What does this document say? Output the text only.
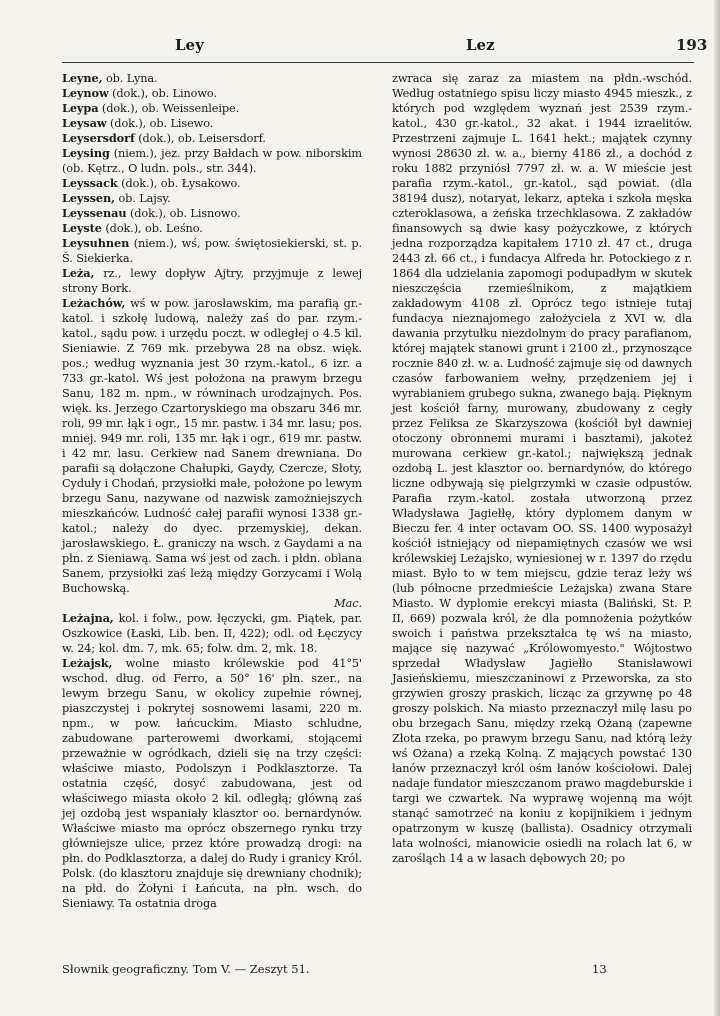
Ley	Lez	193

Leyne, ob. Lyna.

Leynow (dok.), ob. Linowo.

Leypa (dok.), ob. Weissenleipe.

Leysaw (dok.), ob. Lisewo.

Leysersdorf (dok.), ob. Leisersdorf.

Leysing (niem.), jez. przy Bałdach w pow. niborskim (ob. Kętrz., O ludn. pols., str. 344).

Leyssack (dok.), ob. Łysakowo.

Leyssen, ob. Lajsy.

Leyssenau (dok.), ob. Lisnowo.

Leyste (dok.), ob. Leśno.

Leysuhnen (niem.), wś, pow. świętosiekierski, st. p. Š. Siekierka.

Leża, rz., lewy dopływ Ajtry, przyjmuje z lewej strony Bork.

Leżachów, wś w pow. jarosławskim, ma parafią gr.-katol. i szkołę ludową, należy zaś do par. rzym.-katol., sądu pow. i urzędu poczt. w odległej o 4.5 kil. Sieniawie. Z 769 mk. przebywa 28 na obsz. więk. pos.; według wyznania jest 30 rzym.-katol., 6 izr. a 733 gr.-katol. Wś jest położona na prawym brzegu Sanu, 182 m. npm., w równinach urodzajnych. Pos. więk. ks. Jerzego Czartoryskiego ma obszaru 346 mr. roli, 99 mr. łąk i ogr., 15 mr. pastw. i 34 mr. lasu; pos. mniej. 949 mr. roli, 135 mr. łąk i ogr., 619 mr. pastw. i 42 mr. lasu. Cerkiew nad Sanem drewniana. Do parafii są dołączone Chałupki, Gaydy, Czercze, Słoty, Cyduły i Chodań, przysiołki małe, położone po lewym brzegu Sanu, nazywane od nazwisk zamożniejszych mieszkańców. Ludność całej parafii wynosi 1338 gr.-katol.; należy do dyec. przemyskiej, dekan. jarosławskiego. Ł. graniczy na wsch. z Gaydami a na płn. z Sieniawą. Sama wś jest od zach. i płdn. oblana Sanem, przysiołki zaś leżą między Gorzycami i Wolą Buchowską.

Mac.

Leżajna, kol. i folw., pow. łęczycki, gm. Piątek, par. Oszkowice (Łaski, Lib. ben. II, 422); odl. od Łęczycy w. 24; kol. dm. 7, mk. 65; folw. dm. 2, mk. 18.

Leżajsk, wolne miasto królewskie pod 41°5' wschod. dług. od Ferro, a 50° 16' płn. szer., na lewym brzegu Sanu, w okolicy zupełnie równej, piaszczystej i pokrytej sosnowemi lasami, 220 m. npm., w pow. łańcuckim. Miasto schludne, zabudowane parterowemi dworkami, stojącemi przeważnie w ogródkach, dzieli się na trzy części: właściwe miasto, Podolszyn i Podklasztorze. Ta ostatnia część, dosyć zabudowana, jest od właściwego miasta około 2 kil. odległą; główną zaś jej ozdobą jest wspaniały klasztor oo. bernardynów. Właściwe miasto ma oprócz obszernego rynku trzy główniejsze ulice, przez które prowadzą drogi: na płn. do Podklasztorza, a dalej do Rudy i granicy Król. Polsk. (do klasztoru znajduje się drewniany chodnik); na płd. do Żołyni i Łańcuta, na płn. wsch. do Sieniawy. Ta ostatnia droga

zwraca się zaraz za miastem na płdn.-wschód. Według ostatniego spisu liczy miasto 4945 mieszk., z których pod względem wyznań jest 2539 rzym.-katol., 430 gr.-katol., 32 akat. i 1944 izraelitów. Przestrzeni zajmuje L. 1641 hekt.; majątek czynny wynosi 28630 zł. w. a., bierny 4186 zł., a dochód z roku 1882 przyniósł 7797 zł. w. a. W mieście jest parafia rzym.-katol., gr.-katol., sąd powiat. (dla 38194 dusz), notaryat, lekarz, apteka i szkoła męska czteroklasowa, a żeńska trzechklasowa. Z zakładów finansowych są dwie kasy pożyczkowe, z których jedna rozporządza kapitałem 1710 zł. 47 ct., druga 2443 zł. 66 ct., i fundacya Alfreda hr. Potockiego z r. 1864 dla udzielania zapomogi podupadłym w skutek nieszczęścia rzemieślnikom, z majątkiem zakładowym 4108 zł. Oprócz tego istnieje tutaj fundacya nieznajomego założyciela z XVI w. dla dawania przytułku niezdolnym do pracy parafianom, której majątek stanowi grunt i 2100 zł., przynoszące rocznie 840 zł. w. a. Ludność zajmuje się od dawnych czasów farbowaniem wełny, przędzeniem jej i wyrabianiem grubego sukna, zwanego bają. Pięknym jest kościół farny, murowany, zbudowany z cegły przez Feliksa ze Skarzyszowa (kościół był dawniej otoczony obronnemi murami i basztami), jakoteż murowana cerkiew gr.-katol.; największą jednak ozdobą L. jest klasztor oo. bernardynów, do którego liczne odbywają się pielgrzymki w czasie odpustów. Parafia rzym.-katol. została utworzoną przez Władysława Jagiełłę, który dyplomem danym w Bieczu fer. 4 inter octavam OO. SS. 1400 wyposażył kościół istniejący od niepamiętnych czasów we wsi królewskiej Leżajsko, wyniesionej w r. 1397 do rzędu miast. Było to w tem miejscu, gdzie teraz leży wś (lub północne przedmieście Leżajska) zwana Stare Miasto. W dyplomie erekcyi miasta (Baliński, St. P. II, 669) pozwala król, że dla pomnożenia pożytków swoich i państwa przekształca tę wś na miasto, mające się nazywać „Królowomyesto." Wójtostwo sprzedał Władysław Jagiełło Stanisławowi Jasieńskiemu, mieszczaninowi z Przeworska, za sto grzywien groszy praskich, licząc za grzywnę po 48 groszy polskich. Na miasto przeznaczył milę lasu po obu brzegach Sanu, między rzeką Ożaną (zapewne Złota rzeka, po prawym brzegu Sanu, nad którą leży wś Ożana) a rzeką Kolną. Z mających powstać 130 łanów przeznaczył król ośm łanów kościołowi. Dalej nadaje fundator mieszczanom prawo magdeburskie i targi we czwartek. Na wyprawę wojenną ma wójt stanąć samotrzeć na koniu z kopijnikiem i jednym opatrzonym w kuszę (ballista). Osadnicy otrzymali lata wolności, mianowicie osiedli na rolach lat 6, w zarośląch 14 a w lasach dębowych 20; po

Słownik geograficzny. Tom V. — Zeszyt 51.	13
